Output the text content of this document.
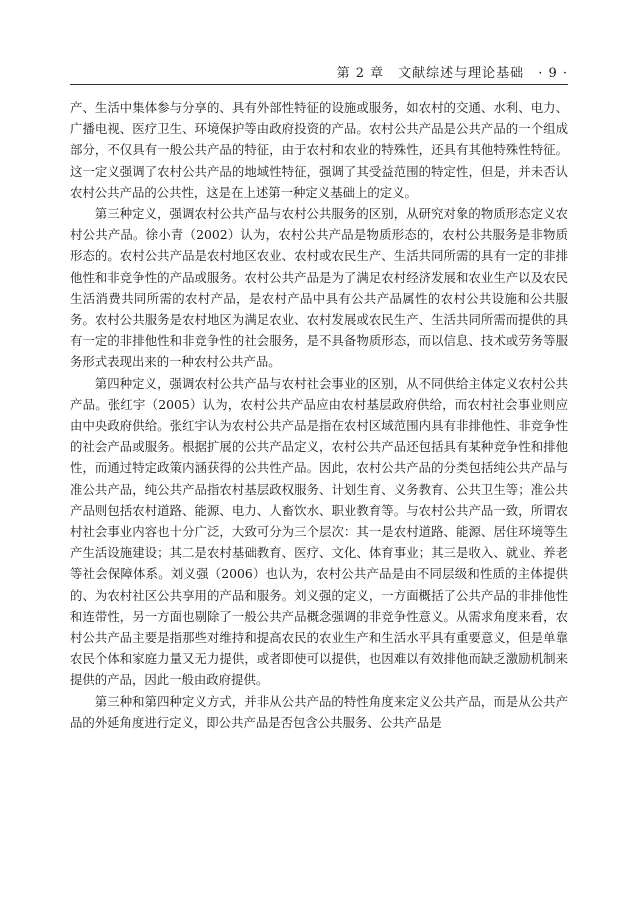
第 2 章 文献综述与理论基础 · 9 ·

产、生活中集体参与分享的、具有外部性特征的设施或服务，如农村的交通、水利、电力、广播电视、医疗卫生、环境保护等由政府投资的产品。农村公共产品是公共产品的一个组成部分，不仅具有一般公共产品的特征，由于农村和农业的特殊性，还具有其他特殊性特征。这一定义强调了农村公共产品的地域性特征，强调了其受益范围的特定性，但是，并未否认农村公共产品的公共性，这是在上述第一种定义基础上的定义。

第三种定义，强调农村公共产品与农村公共服务的区别，从研究对象的物质形态定义农村公共产品。徐小青（2002）认为，农村公共产品是物质形态的，农村公共服务是非物质形态的。农村公共产品是农村地区农业、农村或农民生产、生活共同所需的具有一定的非排他性和非竞争性的产品或服务。农村公共产品是为了满足农村经济发展和农业生产以及农民生活消费共同所需的农村产品，是农村产品中具有公共产品属性的农村公共设施和公共服务。农村公共服务是农村地区为满足农业、农村发展或农民生产、生活共同所需而提供的具有一定的非排他性和非竞争性的社会服务，是不具备物质形态，而以信息、技术或劳务等服务形式表现出来的一种农村公共产品。

第四种定义，强调农村公共产品与农村社会事业的区别，从不同供给主体定义农村公共产品。张红宇（2005）认为，农村公共产品应由农村基层政府供给，而农村社会事业则应由中央政府供给。张红宇认为农村公共产品是指在农村区域范围内具有非排他性、非竞争性的社会产品或服务。根据扩展的公共产品定义，农村公共产品还包括具有某种竞争性和排他性，而通过特定政策内涵获得的公共性产品。因此，农村公共产品的分类包括纯公共产品与准公共产品，纯公共产品指农村基层政权服务、计划生育、义务教育、公共卫生等；准公共产品则包括农村道路、能源、电力、人畜饮水、职业教育等。与农村公共产品一致，所谓农村社会事业内容也十分广泛，大致可分为三个层次：其一是农村道路、能源、居住环境等生产生活设施建设；其二是农村基础教育、医疗、文化、体育事业；其三是收入、就业、养老等社会保障体系。刘义强（2006）也认为，农村公共产品是由不同层级和性质的主体提供的、为农村社区公共享用的产品和服务。刘义强的定义，一方面概括了公共产品的非排他性和连带性，另一方面也剔除了一般公共产品概念强调的非竞争性意义。从需求角度来看，农村公共产品主要是指那些对维持和提高农民的农业生产和生活水平具有重要意义，但是单靠农民个体和家庭力量又无力提供，或者即使可以提供，也因难以有效排他而缺乏激励机制来提供的产品，因此一般由政府提供。

第三种和第四种定义方式，并非从公共产品的特性角度来定义公共产品，而是从公共产品的外延角度进行定义，即公共产品是否包含公共服务、公共产品是
